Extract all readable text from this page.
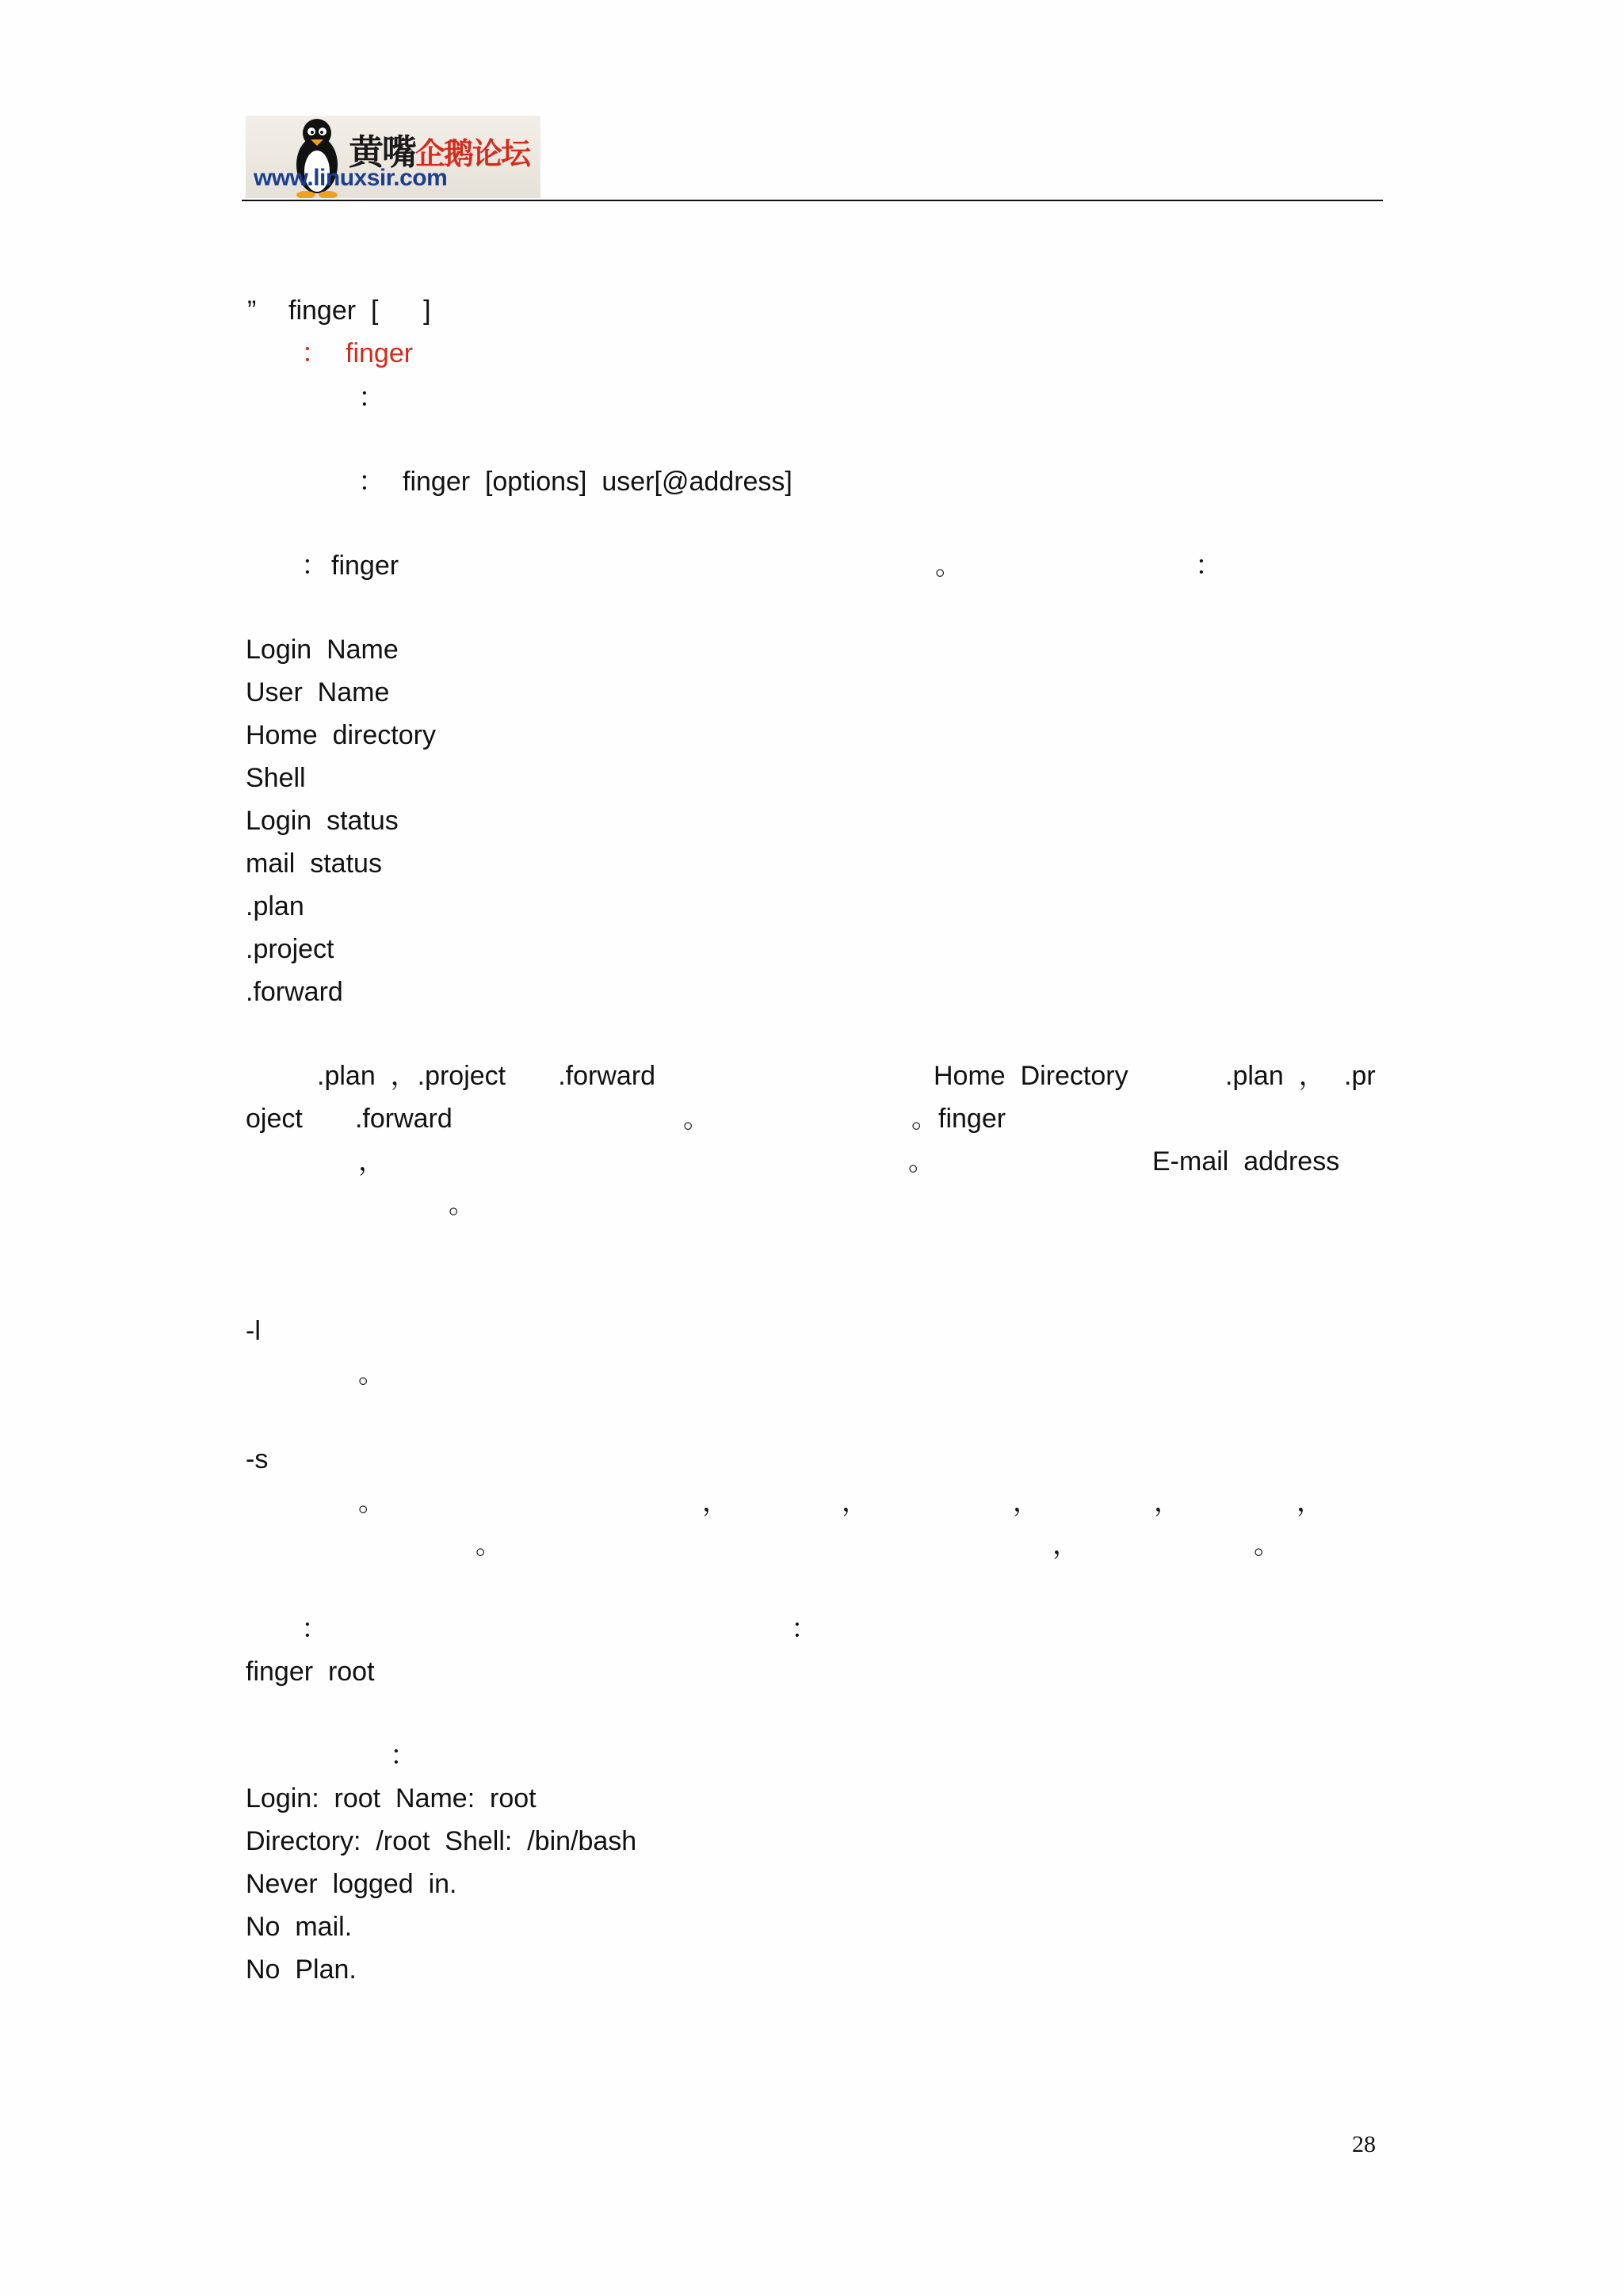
黄嘴企鹅论坛
www.linuxsir.com
” finger  [      ]
： finger
：
： finger  [options]  user[@address]
： finger	。	：
Login  Name
User  Name
Home  directory
Shell
Login  status
mail  status
.plan
.project
.forward
.plan  ，.project       .forward	Home  Directory	.plan  ， .pr
oject       .forward	。	。finger
，	。	E-mail  address
。
-l
。
-s
。	，	，	，	，	，
。	，	。
：	：
finger  root
：
Login:  root  Name:  root
Directory:  /root  Shell:  /bin/bash
Never  logged  in.
No  mail.
No  Plan.
28
